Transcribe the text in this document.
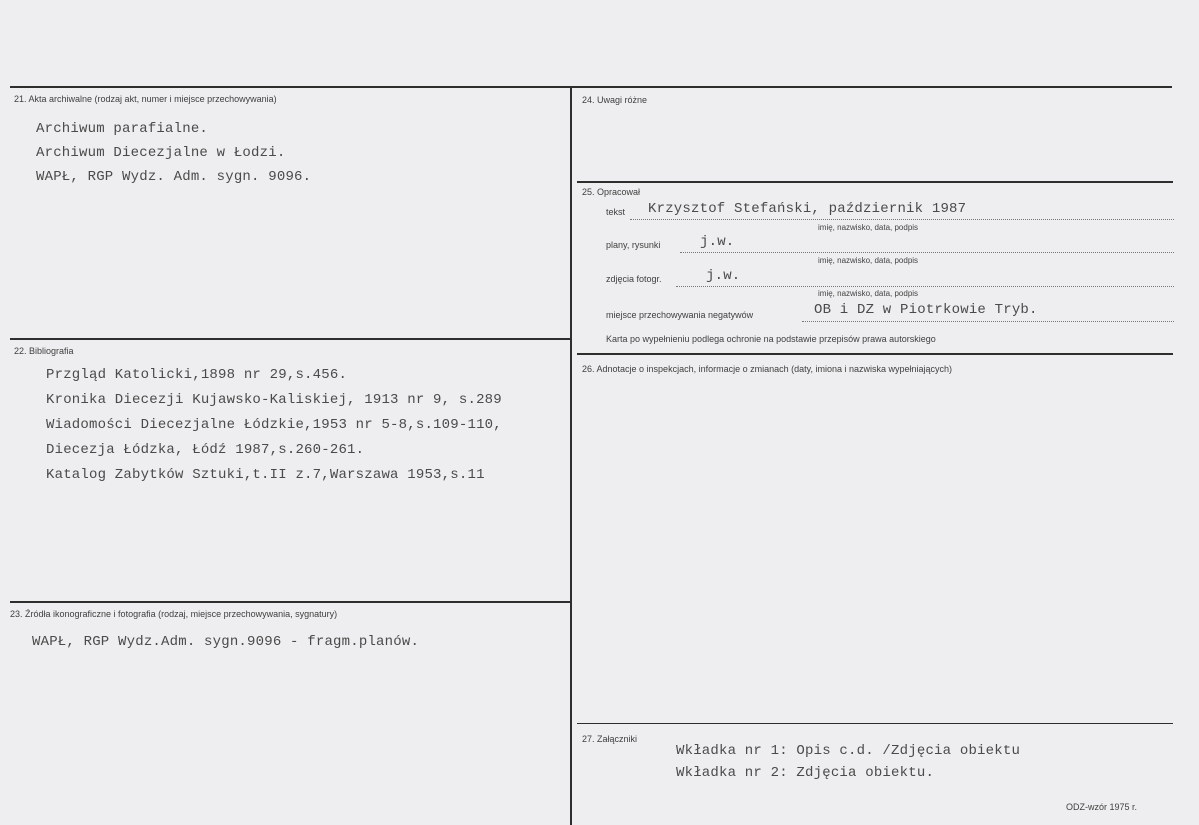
21. Akta archiwalne (rodzaj akt, numer i miejsce przechowywania)
Archiwum parafialne.
Archiwum Diecezjalne w Łodzi.
WAPŁ, RGP Wydz. Adm. sygn. 9096.
22. Bibliografia
Przgląd Katolicki,1898 nr 29,s.456.
Kronika Diecezji Kujawsko-Kaliskiej, 1913 nr 9, s.289
Wiadomości Diecezjalne Łódzkie,1953 nr 5-8,s.109-110,
Diecezja Łódzka, Łódź 1987,s.260-261.
Katalog Zabytków Sztuki,t.II z.7,Warszawa 1953,s.11
23. Źródła ikonograficzne i fotografia (rodzaj, miejsce przechowywania, sygnatury)
WAPŁ, RGP Wydz.Adm. sygn.9096 - fragm.planów.
24. Uwagi różne
25. Opracował
tekst Krzysztof Stefański, październik 1987
imię, nazwisko, data, podpis
plany, rysunki	j.w.
imię, nazwisko, data, podpis
zdjęcia fotogr.	j.w.
imię, nazwisko, data, podpis
miejsce przechowywania negatywów	OB i DZ w Piotrkowie Tryb.
Karta po wypełnieniu podlega ochronie na podstawie przepisów prawa autorskiego
26. Adnotacje o inspekcjach, informacje o zmianach (daty, imiona i nazwiska wypełniających)
27. Załączniki
Wkładka nr 1: Opis c.d. /Zdjęcia obiektu
Wkładka nr 2: Zdjęcia obiektu.
ODZ-wzór 1975 r.
